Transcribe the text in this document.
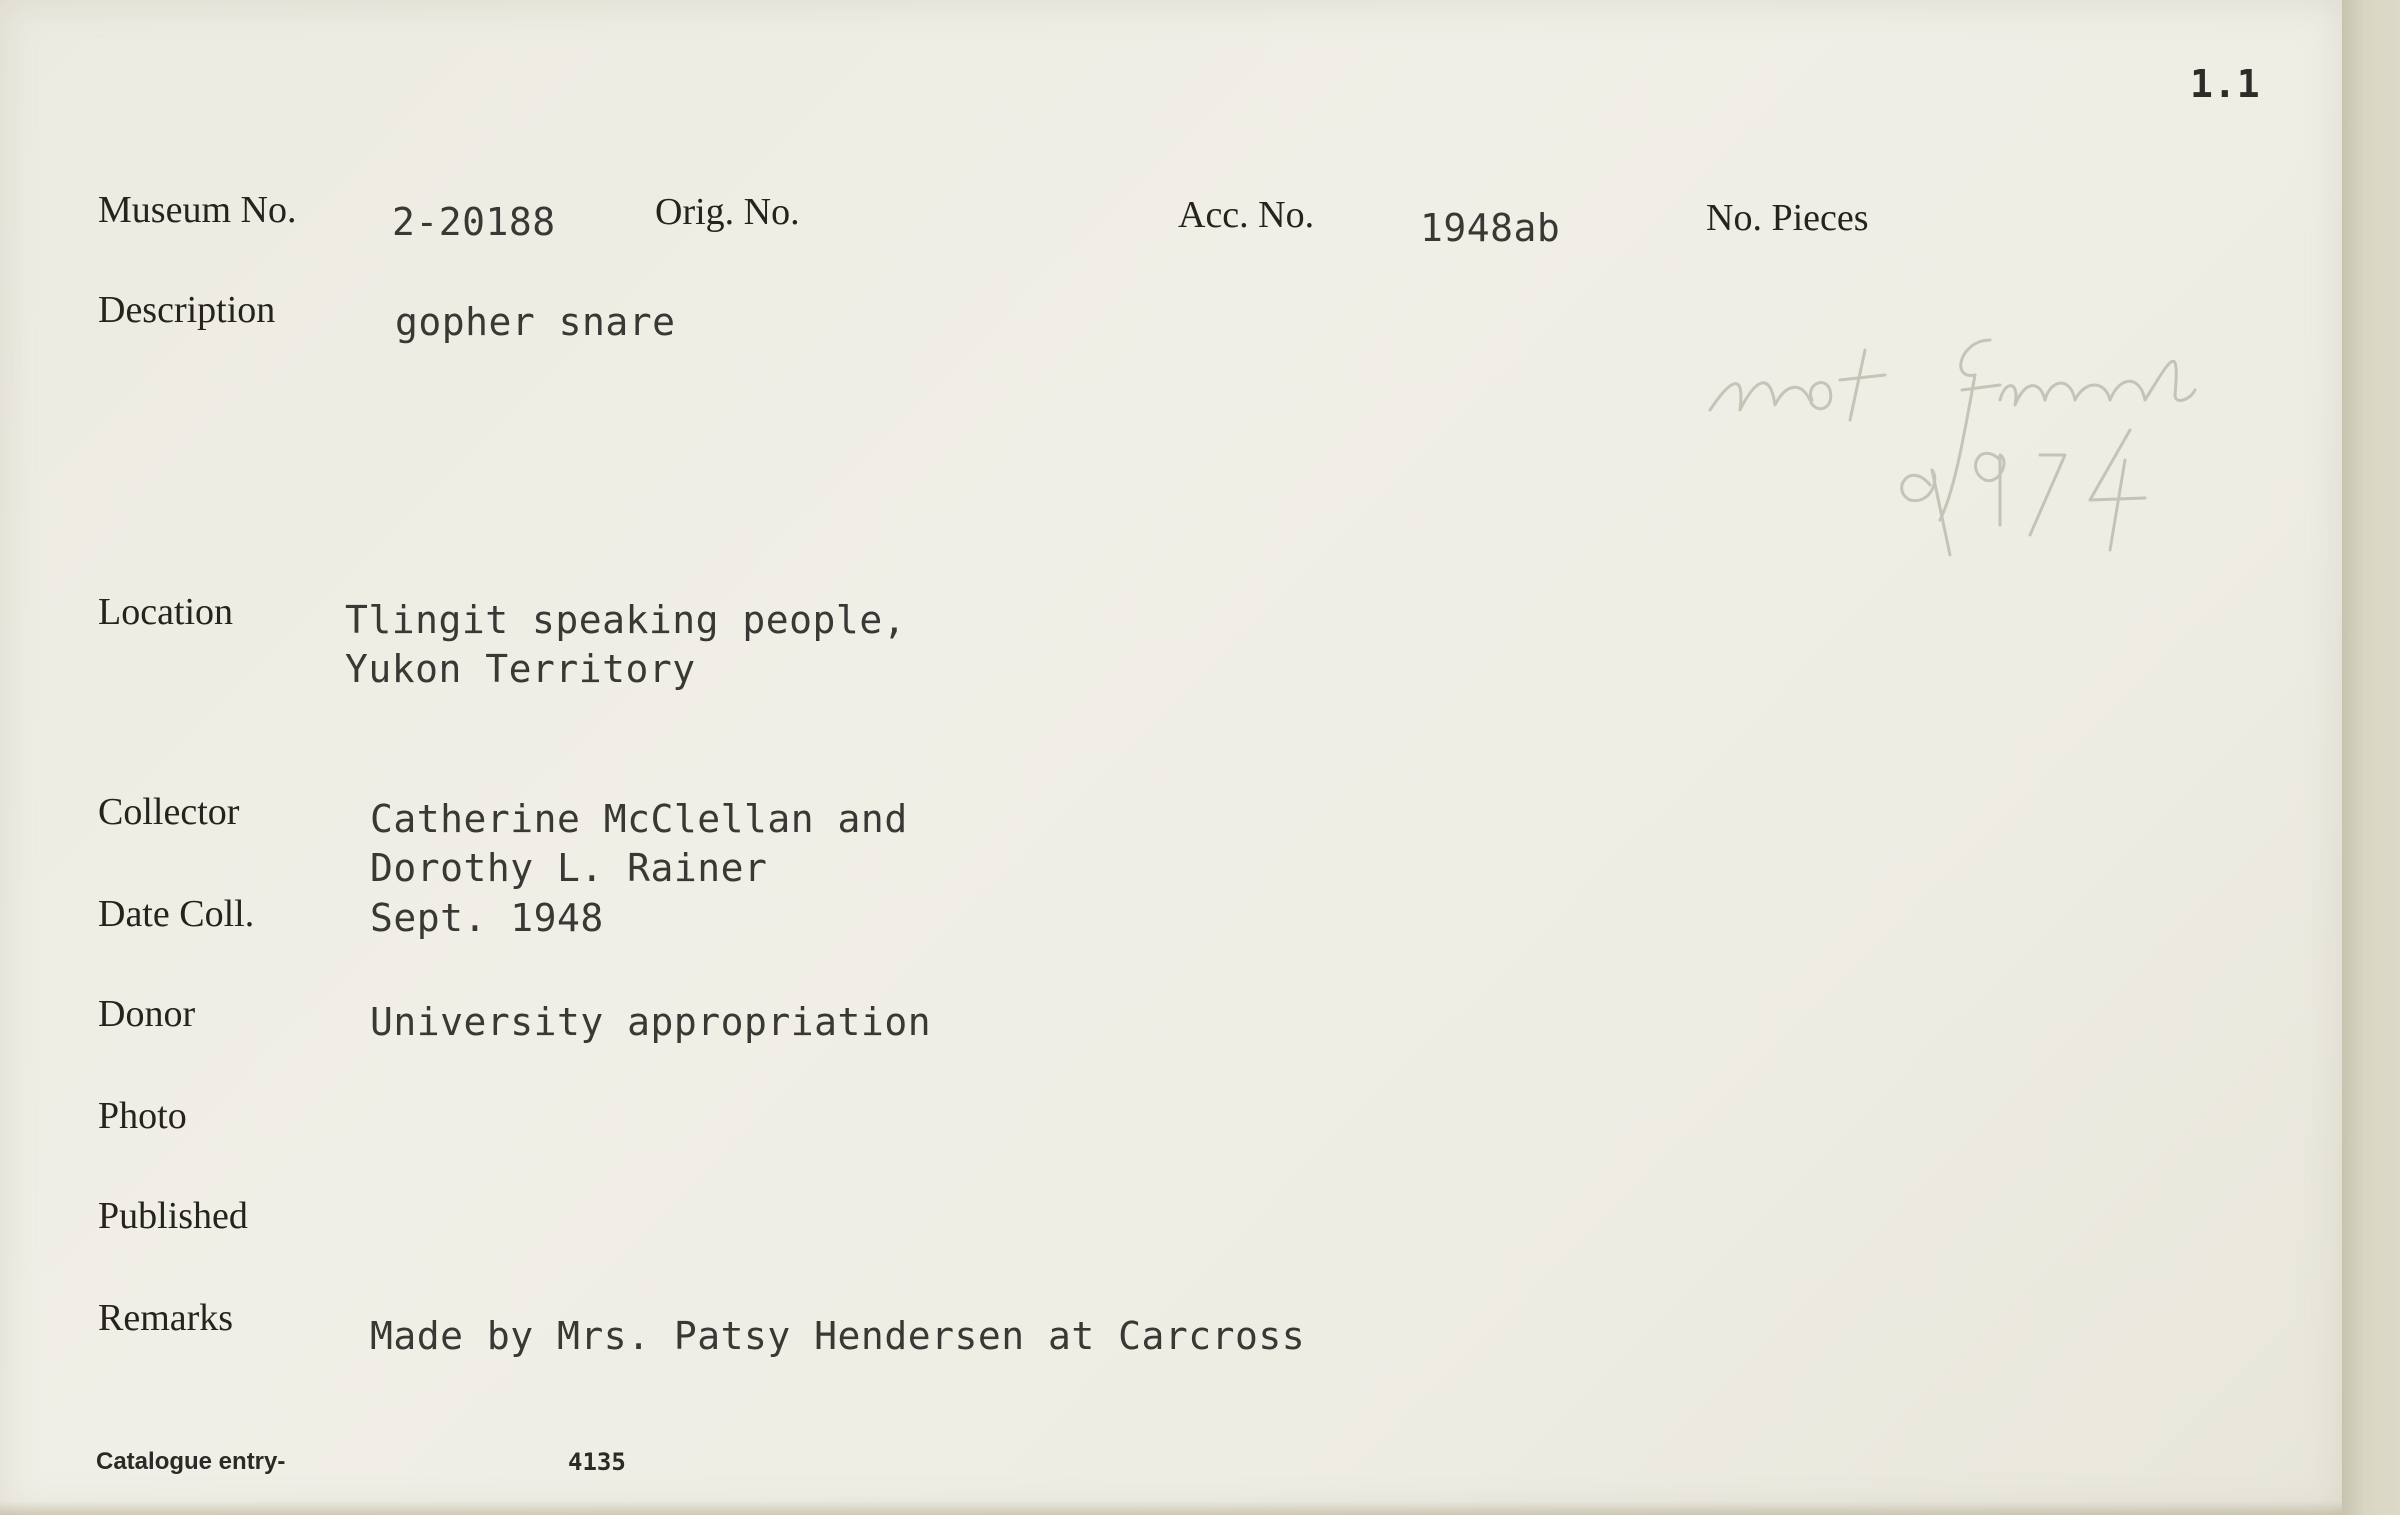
1.1
Museum No.	2-20188	Orig. No.	Acc. No.	1948ab	No. Pieces
Description	gopher snare
Location	Tlingit speaking people,
Yukon Territory
Collector	Catherine McClellan and
Dorothy L. Rainer
Date Coll.	Sept. 1948
Donor	University appropriation
Photo
Published
Remarks	Made by Mrs. Patsy Hendersen at Carcross
Catalogue entry-	4135
